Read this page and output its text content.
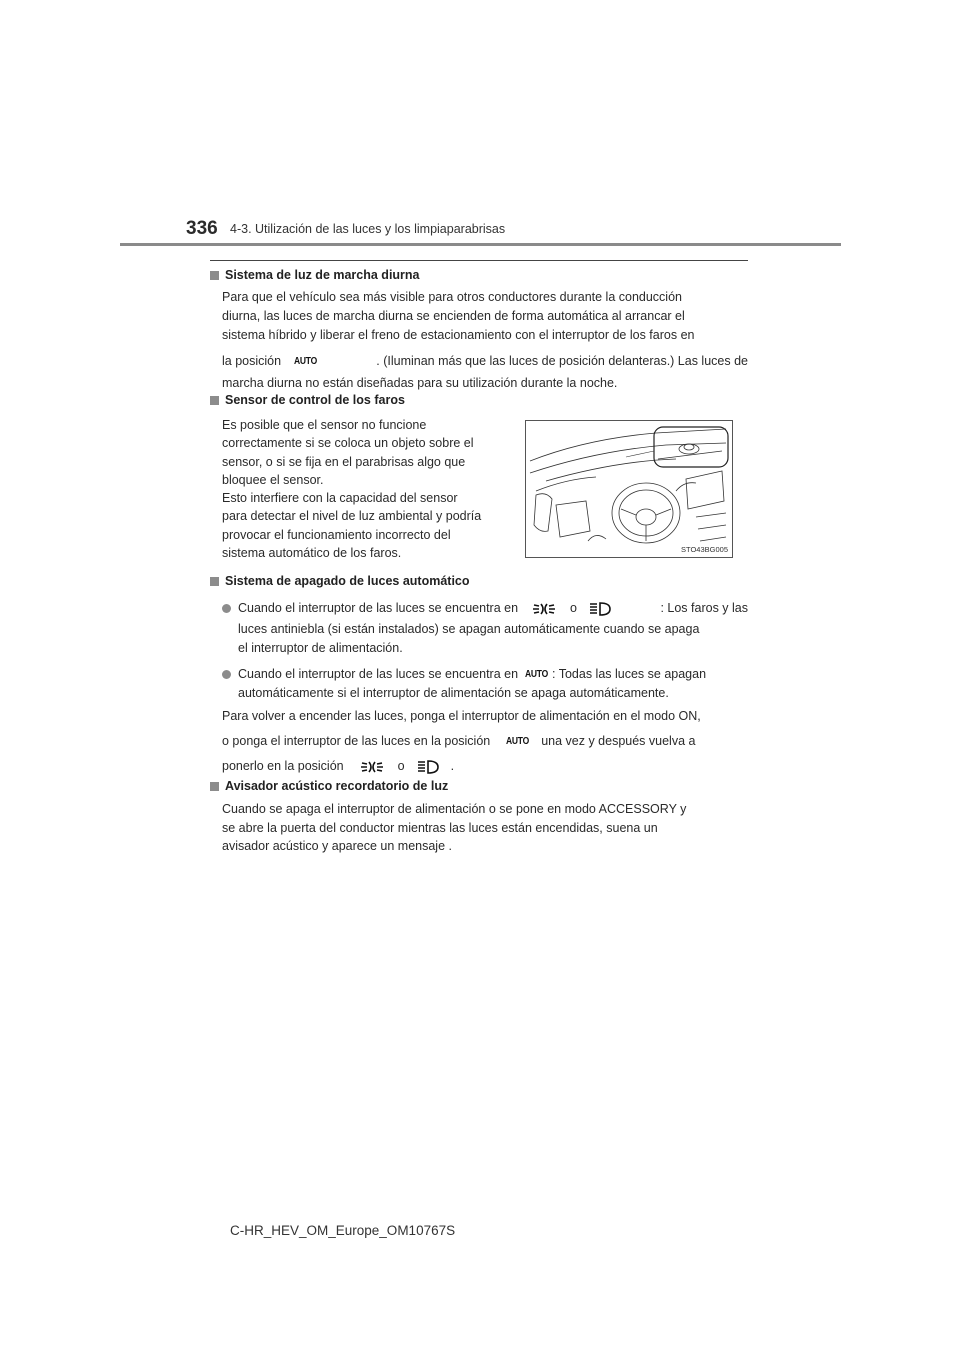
336 4-3. Utilización de las luces y los limpiaparabrisas
Sistema de luz de marcha diurna
Para que el vehículo sea más visible para otros conductores durante la conducción
diurna, las luces de marcha diurna se encienden de forma automática al arrancar el
sistema híbrido y liberar el freno de estacionamiento con el interruptor de los faros en
la posición AUTO	. (Iluminan más que las luces de posición delanteras.) Las luces de
marcha diurna no están diseñadas para su utilización durante la noche.
Sensor de control de los faros
Es posible que el sensor no funcione
correctamente si se coloca un objeto sobre el
sensor, o si se fija en el parabrisas algo que
bloquee el sensor.
Esto interfiere con la capacidad del sensor
para detectar el nivel de luz ambiental y podría
provocar el funcionamiento incorrecto del
sistema automático de los faros.	STO43BG005
Sistema de apagado de luces automático
Cuando el interruptor de las luces se encuentra en	o	: Los faros y las
luces antiniebla (si están instalados) se apagan automáticamente cuando se apaga
el interruptor de alimentación.
Cuando el interruptor de las luces se encuentra en AUTO : Todas las luces se apagan
automáticamente si el interruptor de alimentación se apaga automáticamente.
Para volver a encender las luces, ponga el interruptor de alimentación en el modo ON,
o ponga el interruptor de las luces en la posición AUTO una vez y después vuelva a
ponerlo en la posición	o	.
Avisador acústico recordatorio de luz
Cuando se apaga el interruptor de alimentación o se pone en modo ACCESSORY y
se abre la puerta del conductor mientras las luces están encendidas, suena un
avisador acústico y aparece un mensaje .
C-HR_HEV_OM_Europe_OM10767S
